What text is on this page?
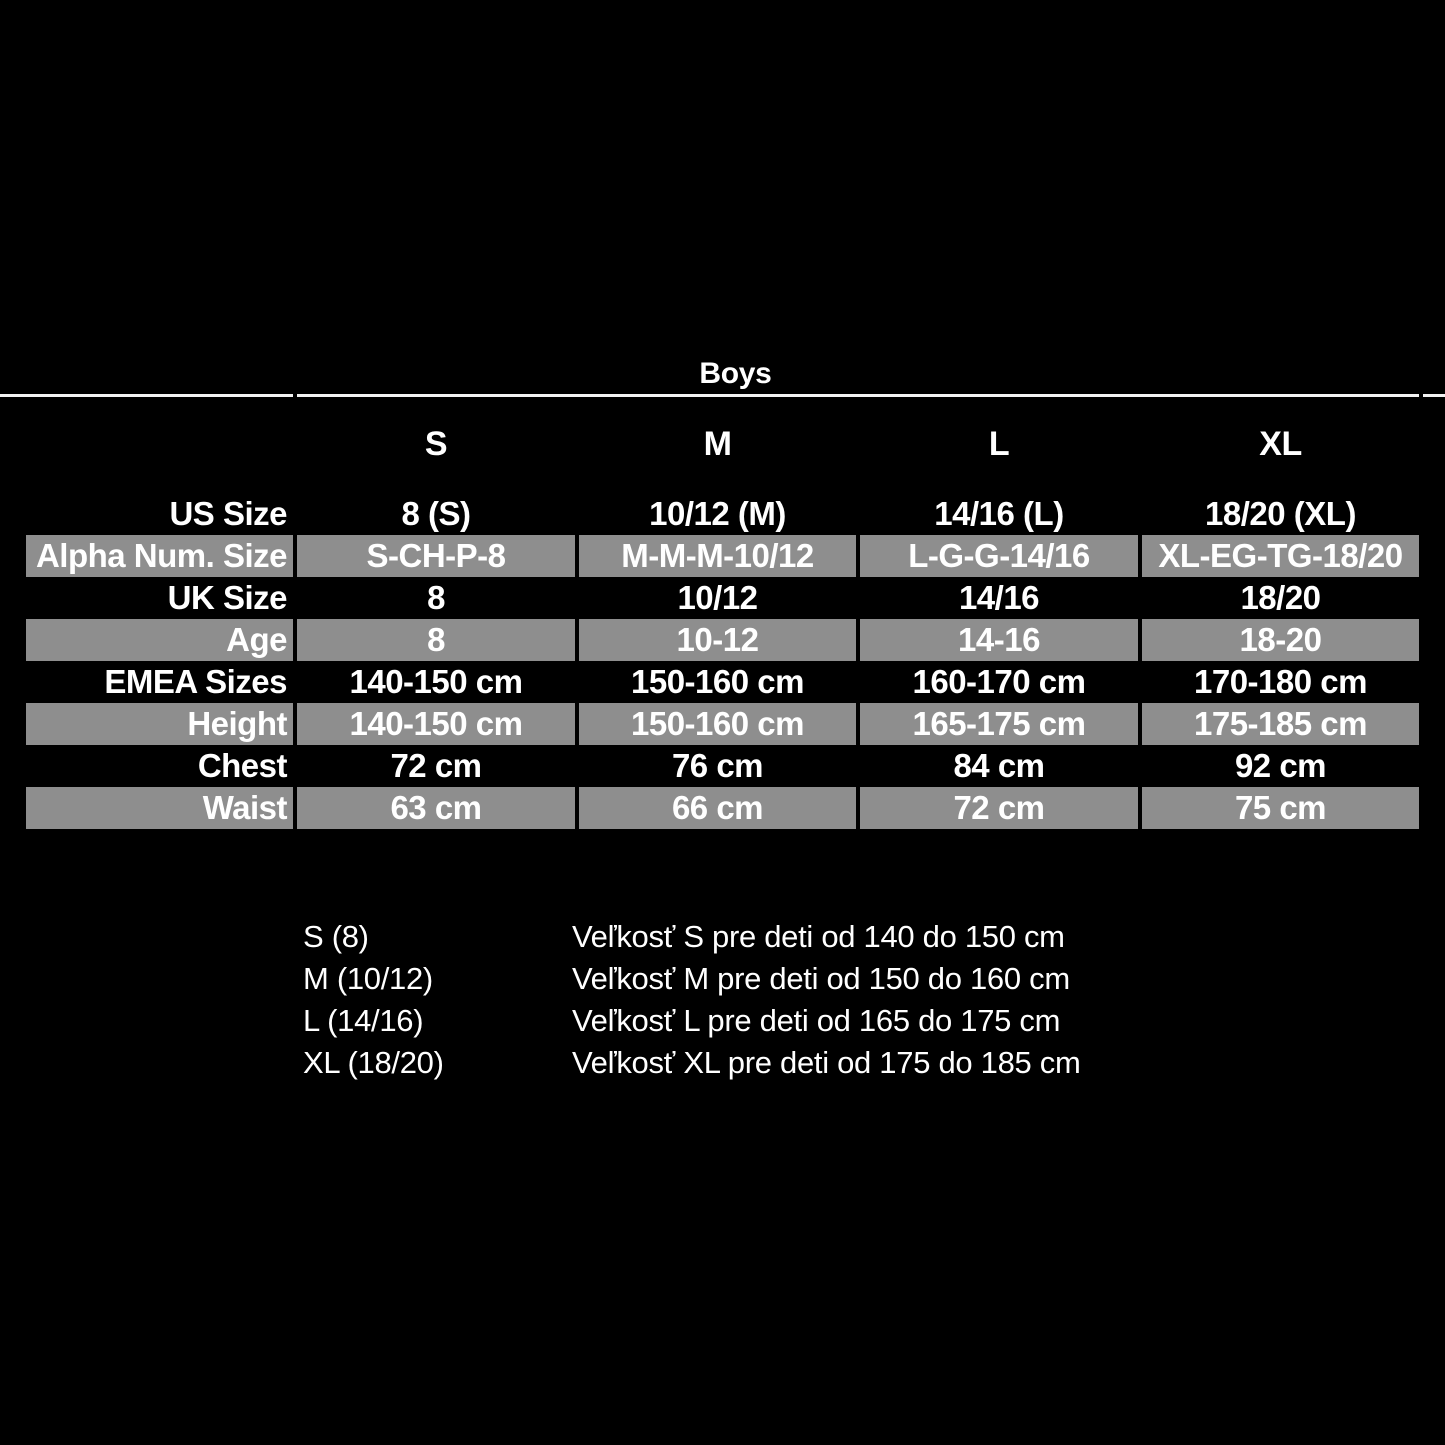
Boys
S	M	L	XL
US Size	8 (S)	10/12 (M)	14/16 (L)	18/20 (XL)
Alpha Num. Size	S-CH-P-8	M-M-M-10/12	L-G-G-14/16	XL-EG-TG-18/20
UK Size	8	10/12	14/16	18/20
Age	8	10-12	14-16	18-20
EMEA Sizes	140-150 cm	150-160 cm	160-170 cm	170-180 cm
Height	140-150 cm	150-160 cm	165-175 cm	175-185 cm
Chest	72 cm	76 cm	84 cm	92 cm
Waist	63 cm	66 cm	72 cm	75 cm
S (8)	Veľkosť S pre deti od 140 do 150 cm
M (10/12)	Veľkosť M pre deti od 150 do 160 cm
L (14/16)	Veľkosť L pre deti od 165 do 175 cm
XL (18/20)	Veľkosť XL pre deti od 175 do 185 cm
